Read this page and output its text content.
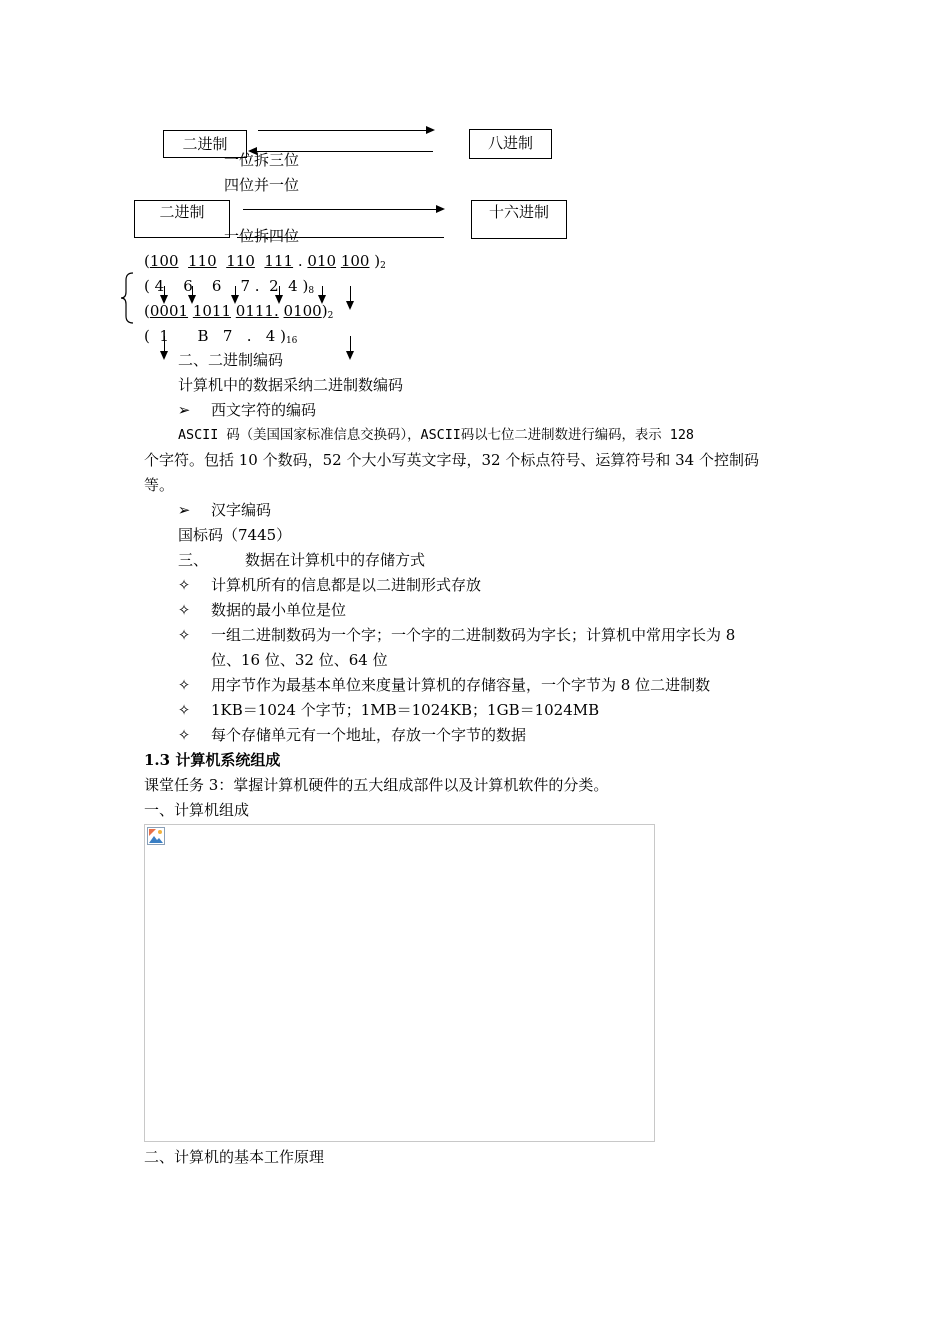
二进制	八进制
一位拆三位
四位并一位
二进制	十六进制
一位拆四位
(100 110 110 111 . 010 100 )$_2$
( 4    6    6    7 .  2  4 )$_8$
(0001 1011 0111. $0100)_2$
(  1      B   7   .   4 )$_{16}$
二、二进制编码
计算机中的数据采纳二进制数编码
➢ 西文字符的编码
ASCII 码（美国国家标准信息交换码），ASCII码以七位二进制数进行编码，表示 128
个字符。包括 10 个数码，52 个大小写英文字母，32 个标点符号、运算符号和 34 个控制码
等。
➢ 汉字编码
国标码（7445）
三、 数据在计算机中的存储方式
✧ 计算机所有的信息都是以二进制形式存放
✧ 数据的最小单位是位
✧ 一组二进制数码为一个字；一个字的二进制数码为字长；计算机中常用字长为 8
位、16 位、32 位、64 位
✧ 用字节作为最基本单位来度量计算机的存储容量，一个字节为 8 位二进制数
✧ 1KB＝1024 个字节；1MB＝1024KB；1GB＝1024MB
✧ 每个存储单元有一个地址，存放一个字节的数据
1.3 计算机系统组成
课堂任务 3：掌握计算机硬件的五大组成部件以及计算机软件的分类。
一、计算机组成
二、计算机的基本工作原理
